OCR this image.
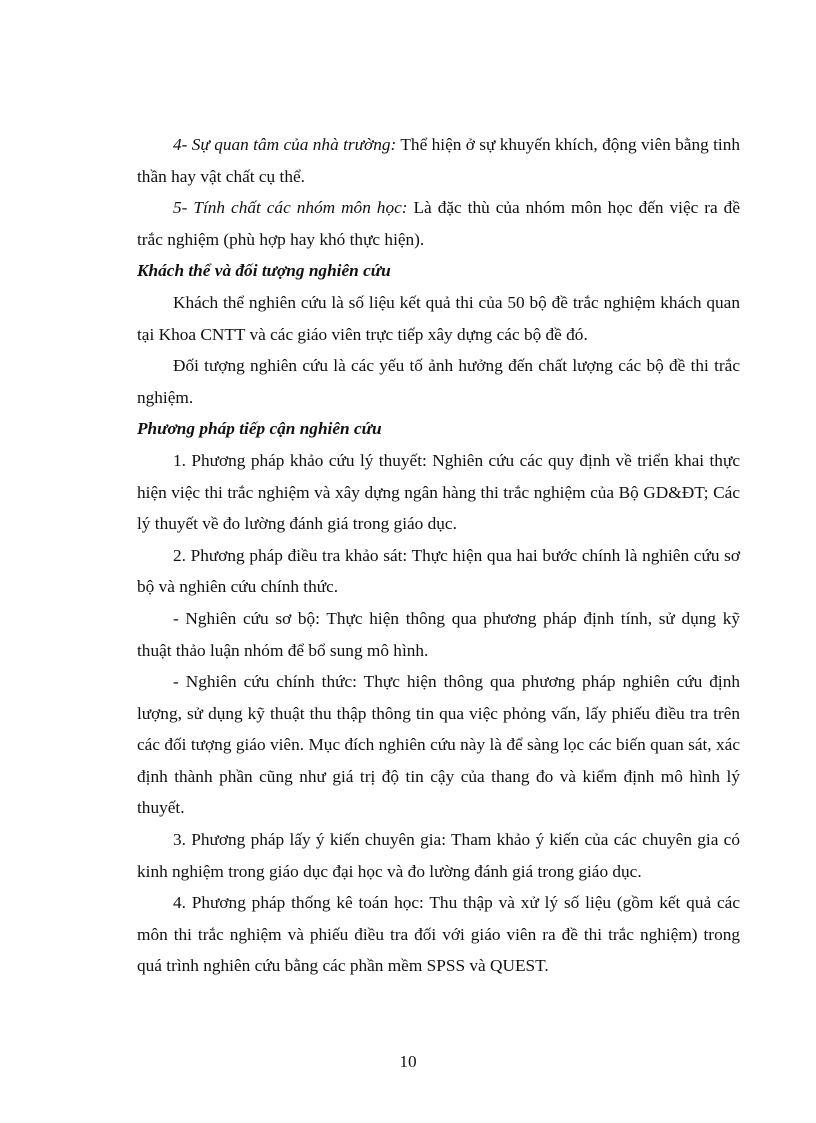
4- Sự quan tâm của nhà trường: Thể hiện ở sự khuyến khích, động viên bằng tinh thần hay vật chất cụ thể.

5- Tính chất các nhóm môn học: Là đặc thù của nhóm môn học đến việc ra đề trắc nghiệm (phù hợp hay khó thực hiện).

Khách thể và đối tượng nghiên cứu

Khách thể nghiên cứu là số liệu kết quả thi của 50 bộ đề trắc nghiệm khách quan tại Khoa CNTT và các giáo viên trực tiếp xây dựng các bộ đề đó.

Đối tượng nghiên cứu là các yếu tố ảnh hưởng đến chất lượng các bộ đề thi trắc nghiệm.

Phương pháp tiếp cận nghiên cứu

1. Phương pháp khảo cứu lý thuyết: Nghiên cứu các quy định về triển khai thực hiện việc thi trắc nghiệm và xây dựng ngân hàng thi trắc nghiệm của Bộ GD&ĐT; Các lý thuyết về đo lường đánh giá trong giáo dục.

2. Phương pháp điều tra khảo sát: Thực hiện qua hai bước chính là nghiên cứu sơ bộ và nghiên cứu chính thức.

- Nghiên cứu sơ bộ: Thực hiện thông qua phương pháp định tính, sử dụng kỹ thuật thảo luận nhóm để bổ sung mô hình.

- Nghiên cứu chính thức: Thực hiện thông qua phương pháp nghiên cứu định lượng, sử dụng kỹ thuật thu thập thông tin qua việc phỏng vấn, lấy phiếu điều tra trên các đối tượng giáo viên. Mục đích nghiên cứu này là để sàng lọc các biến quan sát, xác định thành phần cũng như giá trị độ tin cậy của thang đo và kiểm định mô hình lý thuyết.

3. Phương pháp lấy ý kiến chuyên gia: Tham khảo ý kiến của các chuyên gia có kinh nghiệm trong giáo dục đại học và đo lường đánh giá trong giáo dục.

4. Phương pháp thống kê toán học: Thu thập và xử lý số liệu (gồm kết quả các môn thi trắc nghiệm và phiếu điều tra đối với giáo viên ra đề thi trắc nghiệm) trong quá trình nghiên cứu bằng các phần mềm SPSS và QUEST.

10
